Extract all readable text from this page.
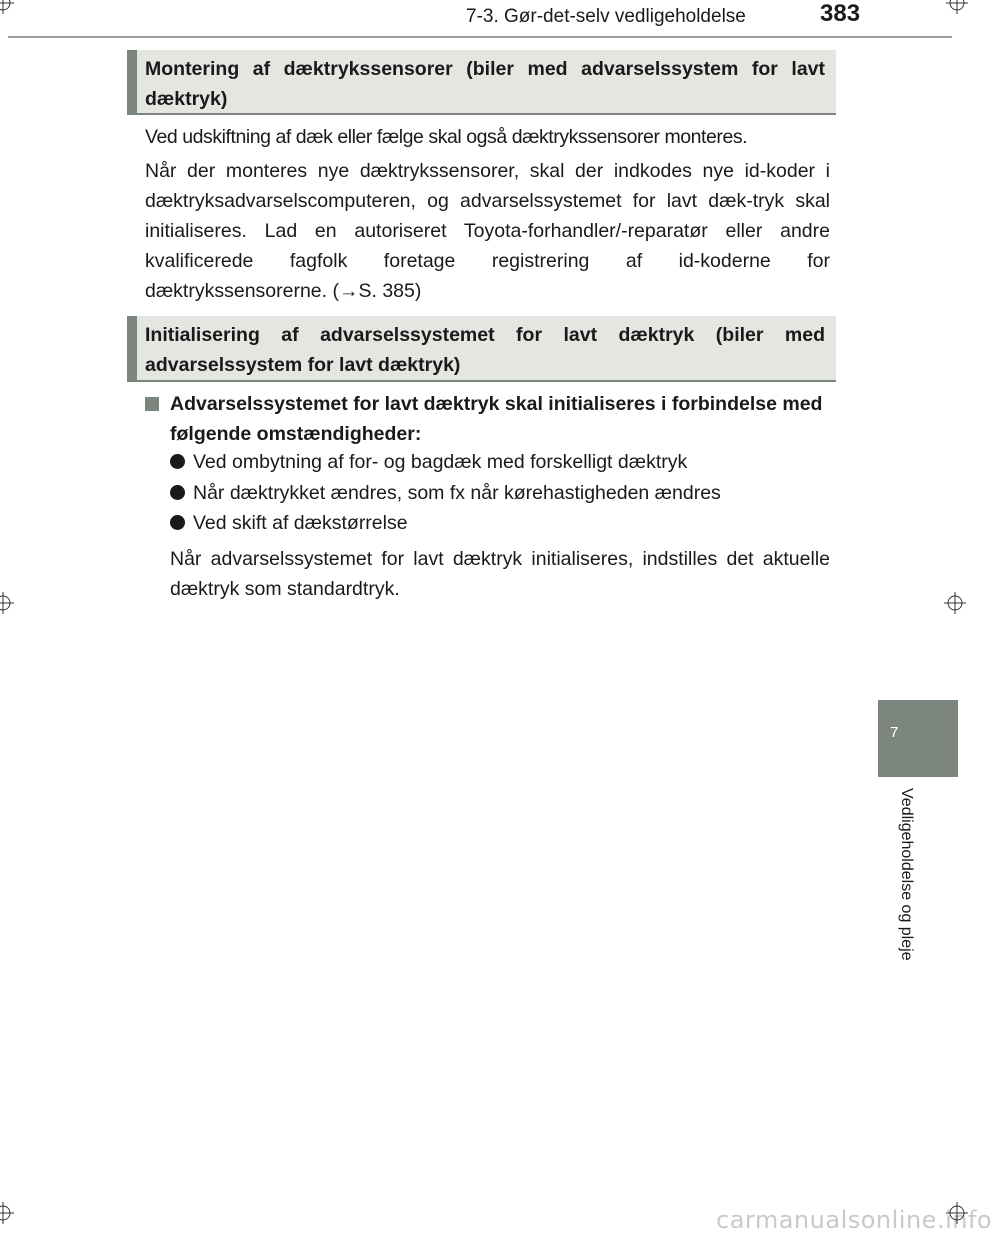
7-3. Gør-det-selv vedligeholdelse	383
Montering af dæktrykssensorer (biler med advarselssystem for lavt dæktryk)

Ved udskiftning af dæk eller fælge skal også dæktrykssensorer monteres.

Når der monteres nye dæktrykssensorer, skal der indkodes nye id-koder i dæktryksadvarselscomputeren, og advarselssystemet for lavt dæk-tryk skal initialiseres. Lad en autoriseret Toyota-forhandler/-reparatør eller andre kvalificerede fagfolk foretage registrering af id-koderne for dæktrykssensorerne. (→S. 385)

Initialisering af advarselssystemet for lavt dæktryk (biler med advarselssystem for lavt dæktryk)
Advarselssystemet for lavt dæktryk skal initialiseres i forbindelse med følgende omstændigheder:
Ved ombytning af for- og bagdæk med forskelligt dæktryk
Når dæktrykket ændres, som fx når kørehastigheden ændres
Ved skift af dækstørrelse

Når advarselssystemet for lavt dæktryk initialiseres, indstilles det aktuelle dæktryk som standardtryk.

7
Vedligeholdelse og pleje
carmanualsonline.info
